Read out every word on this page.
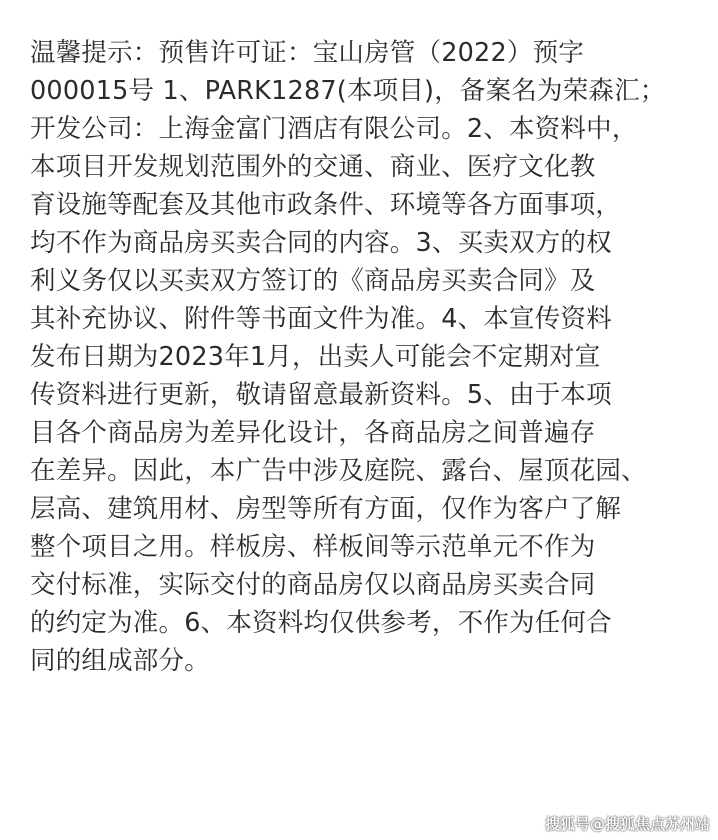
温馨提示：预售许可证：宝山房管（2022）预字
000015号 1、PARK1287(本项目)，备案名为荣森汇；
开发公司：上海金富门酒店有限公司。2、本资料中，
本项目开发规划范围外的交通、商业、医疗文化教
育设施等配套及其他市政条件、环境等各方面事项，
均不作为商品房买卖合同的内容。3、买卖双方的权
利义务仅以买卖双方签订的《商品房买卖合同》及
其补充协议、附件等书面文件为准。4、本宣传资料
发布日期为2023年1月，出卖人可能会不定期对宣
传资料进行更新，敬请留意最新资料。5、由于本项
目各个商品房为差异化设计，各商品房之间普遍存
在差异。因此，本广告中涉及庭院、露台、屋顶花园、
层高、建筑用材、房型等所有方面，仅作为客户了解
整个项目之用。样板房、样板间等示范单元不作为
交付标准，实际交付的商品房仅以商品房买卖合同
的约定为准。6、本资料均仅供参考，不作为任何合
同的组成部分。
搜狐号@搜狐焦点苏州站
